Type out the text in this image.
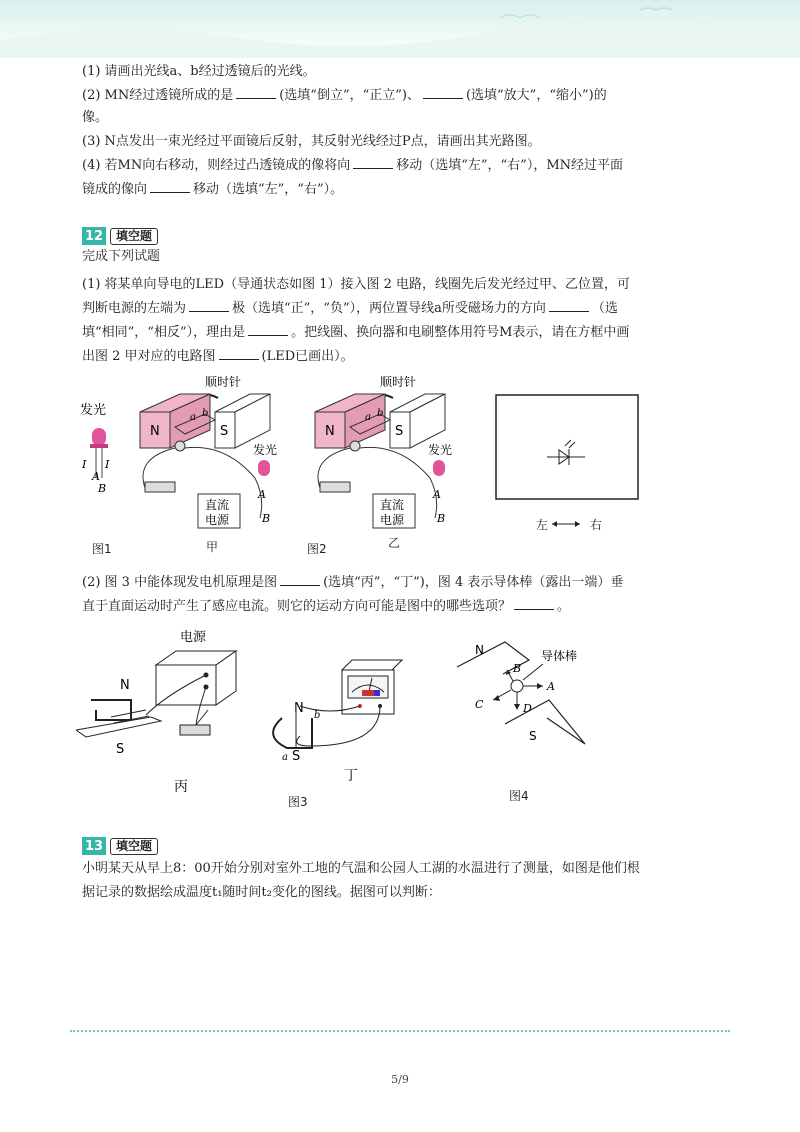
(1) 请画出光线a、b经过透镜后的光线。
(2) MN经过透镜所成的是	(选填“倒立”，“正立”)、	(选填“放大”，“缩小”)的
像。
(3) N点发出一束光经过平面镜后反射，其反射光线经过P点，请画出其光路图。
(4) 若MN向右移动，则经过凸透镜成的像将向	移动（选填“左”，“右”），MN经过平面
镜成的像向	移动（选填“左”，“右”）。
12	填空题
完成下列试题
(1) 将某单向导电的LED（导通状态如图 1）接入图 2 电路，线圈先后发光经过甲、乙位置，可
判断电源的左端为	极（选填“正”，“负”），两位置导线a所受磁场力的方向	（选
填“相同”，“相反”），理由是	。把线圈、换向器和电刷整体用符号M表示，请在方框中画
出图 2 甲对应的电路图	(LED已画出）。
发光
I I
A
B
图1
顺时针
N	S
a b
直流
电源
发光
A
B
甲
顺时针
N	S
a b
直流
电源
发光
A
B
图2	乙
左	右
(2) 图 3 中能体现发电机原理是图	(选填“丙”，“丁”)，图 4 表示导体棒（露出一端）垂
直于直面运动时产生了感应电流。则它的运动方向可能是图中的哪些选项？	。
电源
N
S
丙
N b
a S
丁
图3
N
S
导体棒
A
B
C	D
图4
13	填空题
小明某天从早上8：00开始分别对室外工地的气温和公园人工湖的水温进行了测量，如图是他们根
据记录的数据绘成温度t₁随时间t₂变化的图线。据图可以判断：
5/9
